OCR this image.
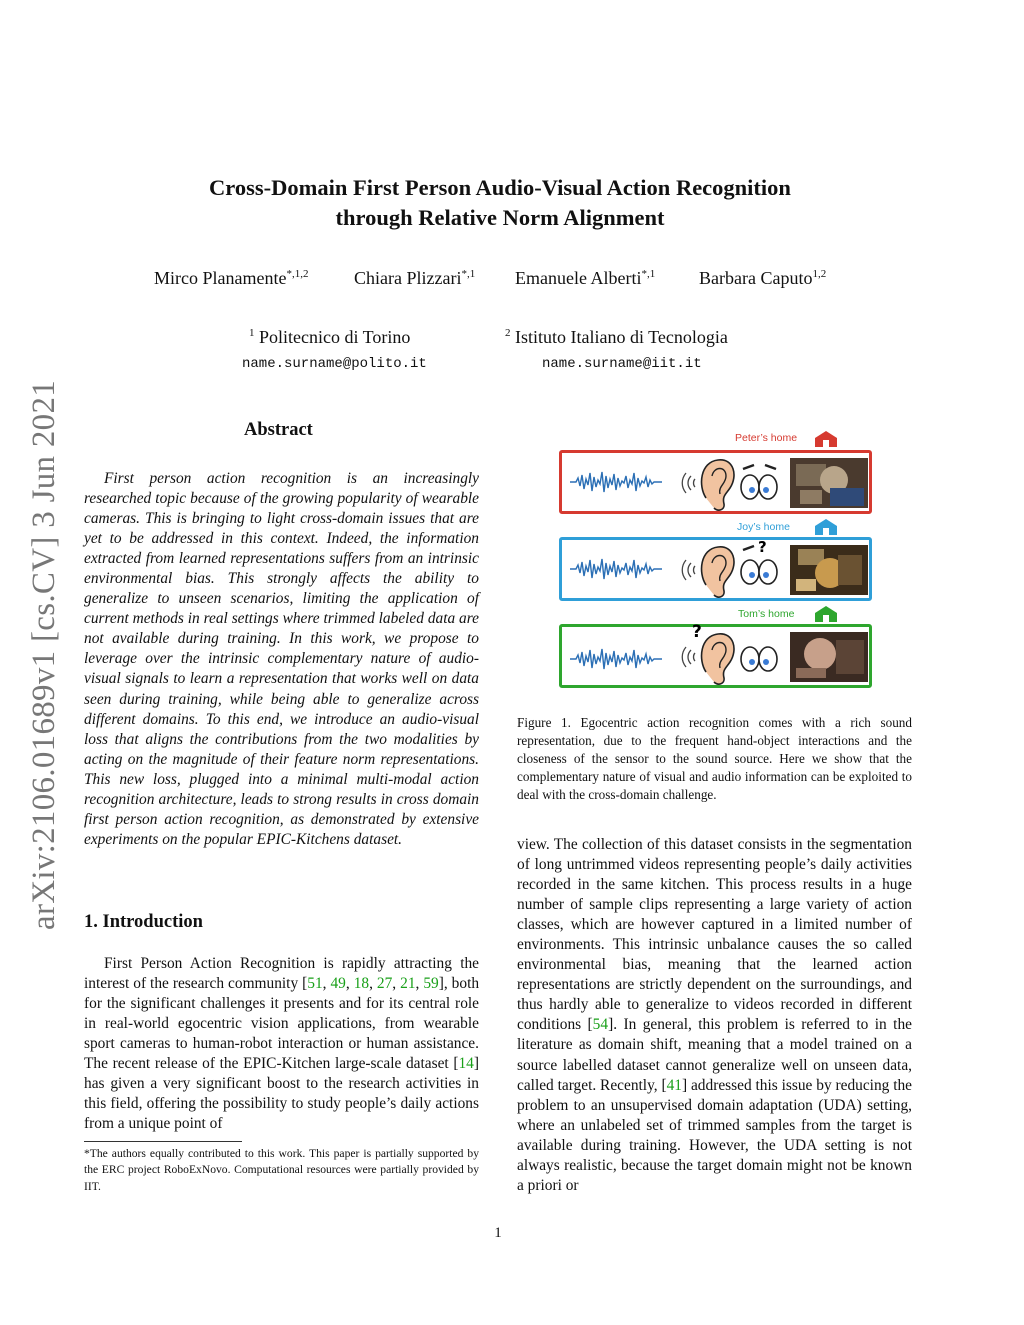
arXiv:2106.01689v1 [cs.CV] 3 Jun 2021
Cross-Domain First Person Audio-Visual Action Recognition
through Relative Norm Alignment
Mirco Planamente$^{*,1,2}$	Chiara Plizzari$^{*,1}$ Emanuele Alberti$^{*,1}$ Barbara Caputo$^{1,2}$
$^1$ Politecnico di Torino
name.surname@polito.it
$^2$ Istituto Italiano di Tecnologia
name.surname@iit.it
Abstract
First person action recognition is an increasingly researched topic because of the growing popularity of wearable cameras. This is bringing to light cross-domain issues that are yet to be addressed in this context. Indeed, the information extracted from learned representations suffers from an intrinsic environmental bias. This strongly affects the ability to generalize to unseen scenarios, limiting the application of current methods in real settings where trimmed labeled data are not available during training. In this work, we propose to leverage over the intrinsic complementary nature of audio-visual signals to learn a representation that works well on data seen during training, while being able to generalize across different domains. To this end, we introduce an audio-visual loss that aligns the contributions from the two modalities by acting on the magnitude of their feature norm representations. This new loss, plugged into a minimal multi-modal action recognition architecture, leads to strong results in cross domain first person action recognition, as demonstrated by extensive experiments on the popular EPIC-Kitchens dataset.
1. Introduction
First Person Action Recognition is rapidly attracting the interest of the research community [51, 49, 18, 27, 21, 59], both for the significant challenges it presents and for its central role in real-world egocentric vision applications, from wearable sport cameras to human-robot interaction or human assistance. The recent release of the EPIC-Kitchen large-scale dataset [14] has given a very significant boost to the research activities in this field, offering the possibility to study people’s daily actions from a unique point of
*The authors equally contributed to this work. This paper is partially supported by the ERC project RoboExNovo. Computational resources were partially provided by IIT.
Peter’s home
Joy’s home
?
Tom’s home
?
Figure 1. Egocentric action recognition comes with a rich sound representation, due to the frequent hand-object interactions and the closeness of the sensor to the sound source. Here we show that the complementary nature of visual and audio information can be exploited to deal with the cross-domain challenge.
view. The collection of this dataset consists in the segmentation of long untrimmed videos representing people’s daily activities recorded in the same kitchen. This process results in a huge number of sample clips representing a large variety of action classes, which are however captured in a limited number of environments. This intrinsic unbalance causes the so called environmental bias, meaning that the learned action representations are strictly dependent on the surroundings, and thus hardly able to generalize to videos recorded in different conditions [54]. In general, this problem is referred to in the literature as domain shift, meaning that a model trained on a source labelled dataset cannot generalize well on unseen data, called target. Recently, [41] addressed this issue by reducing the problem to an unsupervised domain adaptation (UDA) setting, where an unlabeled set of trimmed samples from the target is available during training. However, the UDA setting is not always realistic, because the target domain might not be known a priori or
1
